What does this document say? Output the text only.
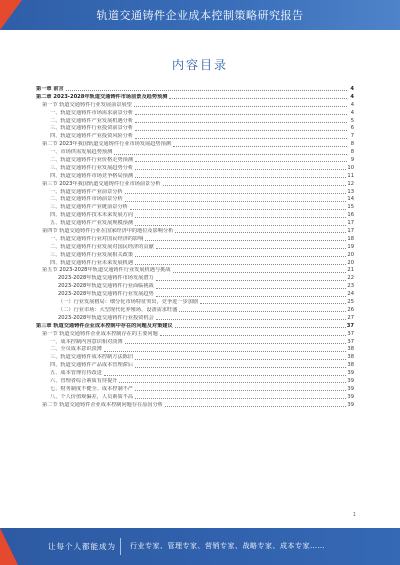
轨道交通铸件企业成本控制策略研究报告
内容目录
第一章 前言	4
第二章 2023-2028年轨道交通铸件市场前景及趋势预测	4
第一节 轨道交通铸件行业发展前景展望	4
一、轨道交通铸件市场需求前景分析	4
二、轨道交通铸件产业发展机遇分析	5
三、轨道交通铸件行业投资前景分析	6
四、轨道交通铸件产业投资风险分析	7
第二节 2023年我国轨道交通铸件行业市场发展趋势预测	8
一、市场供需发展趋势预测	8
二、轨道交通铸件行业价格走势预测	9
三、轨道交通铸件行业发展趋势分析	10
四、轨道交通铸件市场竞争格局预测	11
第三节 2023年我国轨道交通铸件行业市场前景分析	12
一、轨道交通铸件产业前景分析	13
二、轨道交通铸件市场前景分析	14
三、轨道交通铸件产业链前景分析	15
四、轨道交通铸件技术未来发展方向	16
五、轨道交通铸件产业发展规模预测	17
第四节 轨道交通铸件行业在国家经济中的地位及影响分析	17
一、轨道交通铸件行业对国民经济的影响	18
二、轨道交通铸件行业发展对国民经济的贡献	19
三、轨道交通铸件行业发展相关政策	20
四、轨道交通铸件行业未来发展机遇	20
第五节 2023-2028年轨道交通铸件行业发展机遇与挑战	21
2023-2028年轨道交通铸件市场发展潜力	22
2023-2028年轨道交通铸件行业面临挑战	23
2023-2028年轨道交通铸件行业发展趋势	24
（一）行业发展格局：细分化市场特征突出，竞争进一步加剧	25
（二）行业市场：大型现代化养殖场、设备需求旺盛	26
2023-2028年轨道交通铸件行业投资机会	27
第三章 轨道交通铸件企业成本控制中存在的问题及对策建议	37
第一节 轨道交通铸件企业成本控制存在的主要问题	37
一、成本控制内容意识相对淡薄	37
二、全员成本意识淡薄	38
三、轨道交通铸件成本控制方法陈旧	38
四、轨道交通铸件产品成本管理滞后	38
五、成本管理有待改进	39
六、管理者综合素质有待提升	39
七、财务制度不健全、成本控制不严	39
八、个人价值观偏差，人员素质不高	39
第二节 轨道交通铸件企业成本控制问题存在原因分析	39
1
让每个人都能成为 行业专家、管理专家、营销专家、战略专家、成本专家……
